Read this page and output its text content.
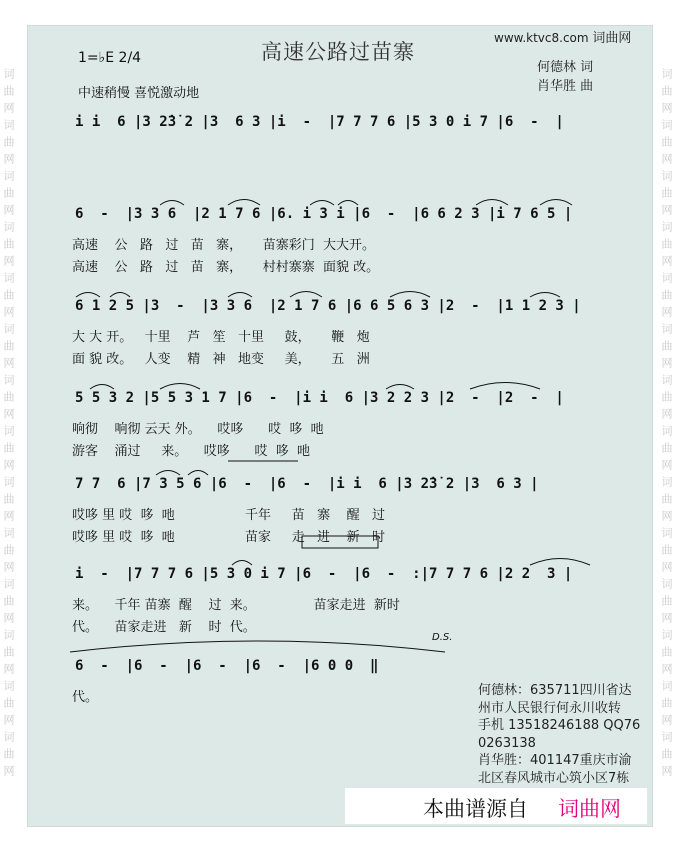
词曲网词曲网词曲网词曲网词曲网词曲网词曲网词曲网词曲网词曲网词曲网词曲网词曲网词曲网
词曲网词曲网词曲网词曲网词曲网词曲网词曲网词曲网词曲网词曲网词曲网词曲网词曲网词曲网
www.ktvc8.com 词曲网
高速公路过苗寨
1=♭E 2/4
中速稍慢 喜悦激动地
何德林 词
肖华胜 曲
i i  6 |3 2̇3̇ 2 |3  6 3 |i  -  |7 7 7 6 |5 3 0 i 7 |6  -  |
6  -  |3 3 6  |2 1 7 6 |6. i 3 i |6  -  |6 6 2 3 |i 7 6 5 |
高速    公   路   过   苗   寨，     苗寨彩门  大大开。
高速    公   路   过   苗   寨，     村村寨寨  面貌 改。
6 1 2 5 |3  -  |3 3 6  |2 1 7 6 |6 6 5 6 3 |2  -  |1 1 2 3 |
大 大 开。   十里    芦   笙   十里     鼓，     鞭   炮
面 貌 改。   人变    精   神   地变     美，     五   洲
5 5 3 2 |5 5 3 1 7 |6  -  |i i  6 |3 2 2 3 |2  -  |2  -  |
响彻    响彻 云天 外。    哎哆      哎  哆  吔
游客    涌过     来。    哎哆      哎  哆  吔
7 7  6 |7 3 5 6 |6  -  |6  -  |i i  6 |3 2̇3̇ 2 |3  6 3 |
哎哆 里 哎  哆  吔                 千年     苗   寨    醒   过
哎哆 里 哎  哆  吔                 苗家     走   进    新   时
i  -  |7 7 7 6 |5 3 0 i 7 |6  -  |6  -  :|7 7 7 6 |2 2  3 |
来。    千年 苗寨  醒    过  来。              苗家走进  新时
代。    苗家走进   新    时  代。
6  -  |6  -  |6  -  |6  -  |6 0 0  ‖
代。
D.S.
何德林：635711四川省达
州市人民银行何永川收转
手机 13518246188 QQ76
0263138
肖华胜：401147重庆市渝
北区春风城市心筑小区7栋
本曲谱源自 词曲网
